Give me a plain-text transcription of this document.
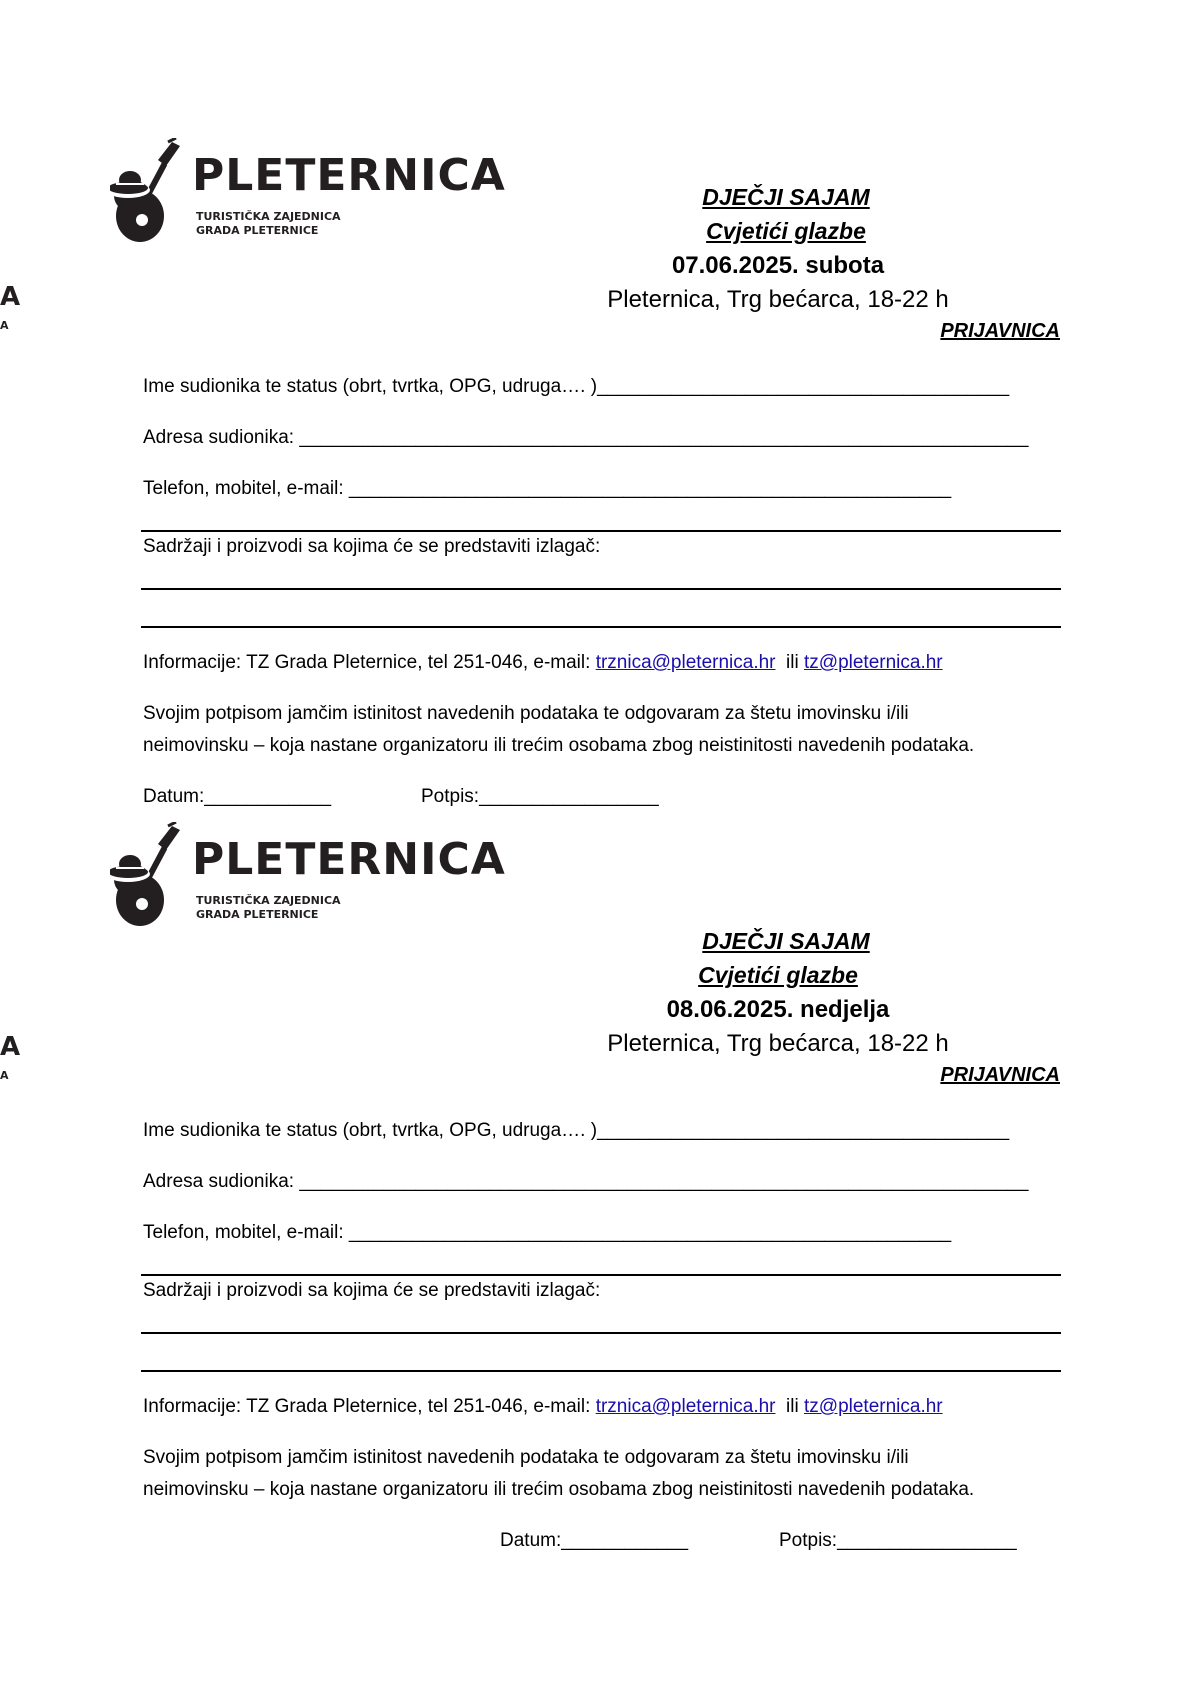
PLETERNICA
TURISTIČKA ZAJEDNICA
GRADA PLETERNICE
A
A
DJEČJI SAJAM
Cvjetići glazbe
07.06.2025. subota
Pleternica, Trg bećarca, 18-22 h
PRIJAVNICA
Ime sudionika te status (obrt, tvrtka, OPG, udruga…. )_______________________________________
Adresa sudionika: _____________________________________________________________________
Telefon, mobitel, e-mail: _________________________________________________________
Sadržaji i proizvodi sa kojima će se predstaviti izlagač:
Informacije: TZ Grada Pleternice, tel 251-046, e-mail: trznica@pleternica.hr  ili tz@pleternica.hr
Svojim potpisom jamčim istinitost navedenih podataka te odgovaram za štetu imovinsku i/ili
neimovinsku – koja nastane organizatoru ili trećim osobama zbog neistinitosti navedenih podataka.
Datum:____________	Potpis:_________________
PLETERNICA
TURISTIČKA ZAJEDNICA
GRADA PLETERNICE
A
A
DJEČJI SAJAM
Cvjetići glazbe
08.06.2025. nedjelja
Pleternica, Trg bećarca, 18-22 h
PRIJAVNICA
Ime sudionika te status (obrt, tvrtka, OPG, udruga…. )_______________________________________
Adresa sudionika: _____________________________________________________________________
Telefon, mobitel, e-mail: _________________________________________________________
Sadržaji i proizvodi sa kojima će se predstaviti izlagač:
Informacije: TZ Grada Pleternice, tel 251-046, e-mail: trznica@pleternica.hr  ili tz@pleternica.hr
Svojim potpisom jamčim istinitost navedenih podataka te odgovaram za štetu imovinsku i/ili
neimovinsku – koja nastane organizatoru ili trećim osobama zbog neistinitosti navedenih podataka.
Datum:____________	Potpis:_________________
